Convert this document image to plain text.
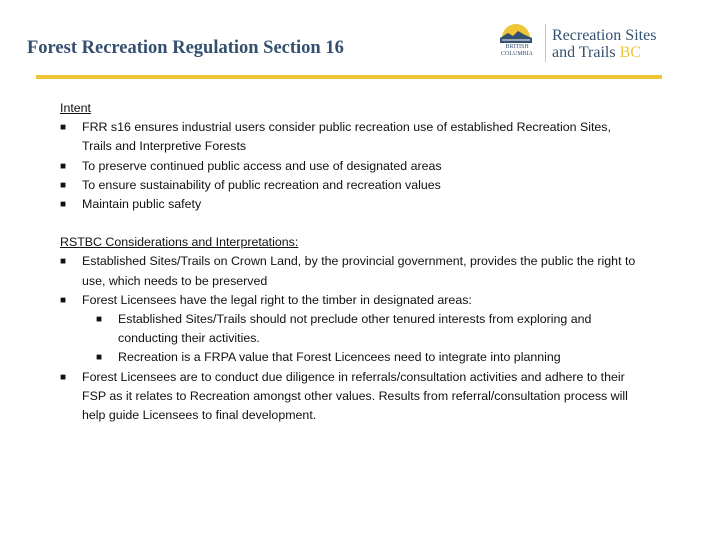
Forest Recreation Regulation Section 16	BRITISH
COLUMBIA
Recreation Sites
and Trails BC
Intent
■ FRR s16 ensures industrial users consider public recreation use of established Recreation Sites, Trails and Interpretive Forests
■ To preserve continued public access and use of designated areas
■ To ensure sustainability of public recreation and recreation values
■ Maintain public safety
RSTBC Considerations and Interpretations:
■ Established Sites/Trails on Crown Land, by the provincial government, provides the public the right to use, which needs to be preserved
■ Forest Licensees have the legal right to the timber in designated areas:
■ Established Sites/Trails should not preclude other tenured interests from exploring and conducting their activities.
■ Recreation is a FRPA value that Forest Licencees need to integrate into planning
■ Forest Licensees are to conduct due diligence in referrals/consultation activities and adhere to their FSP as it relates to Recreation amongst other values. Results from referral/consultation process will help guide Licensees to final development.
